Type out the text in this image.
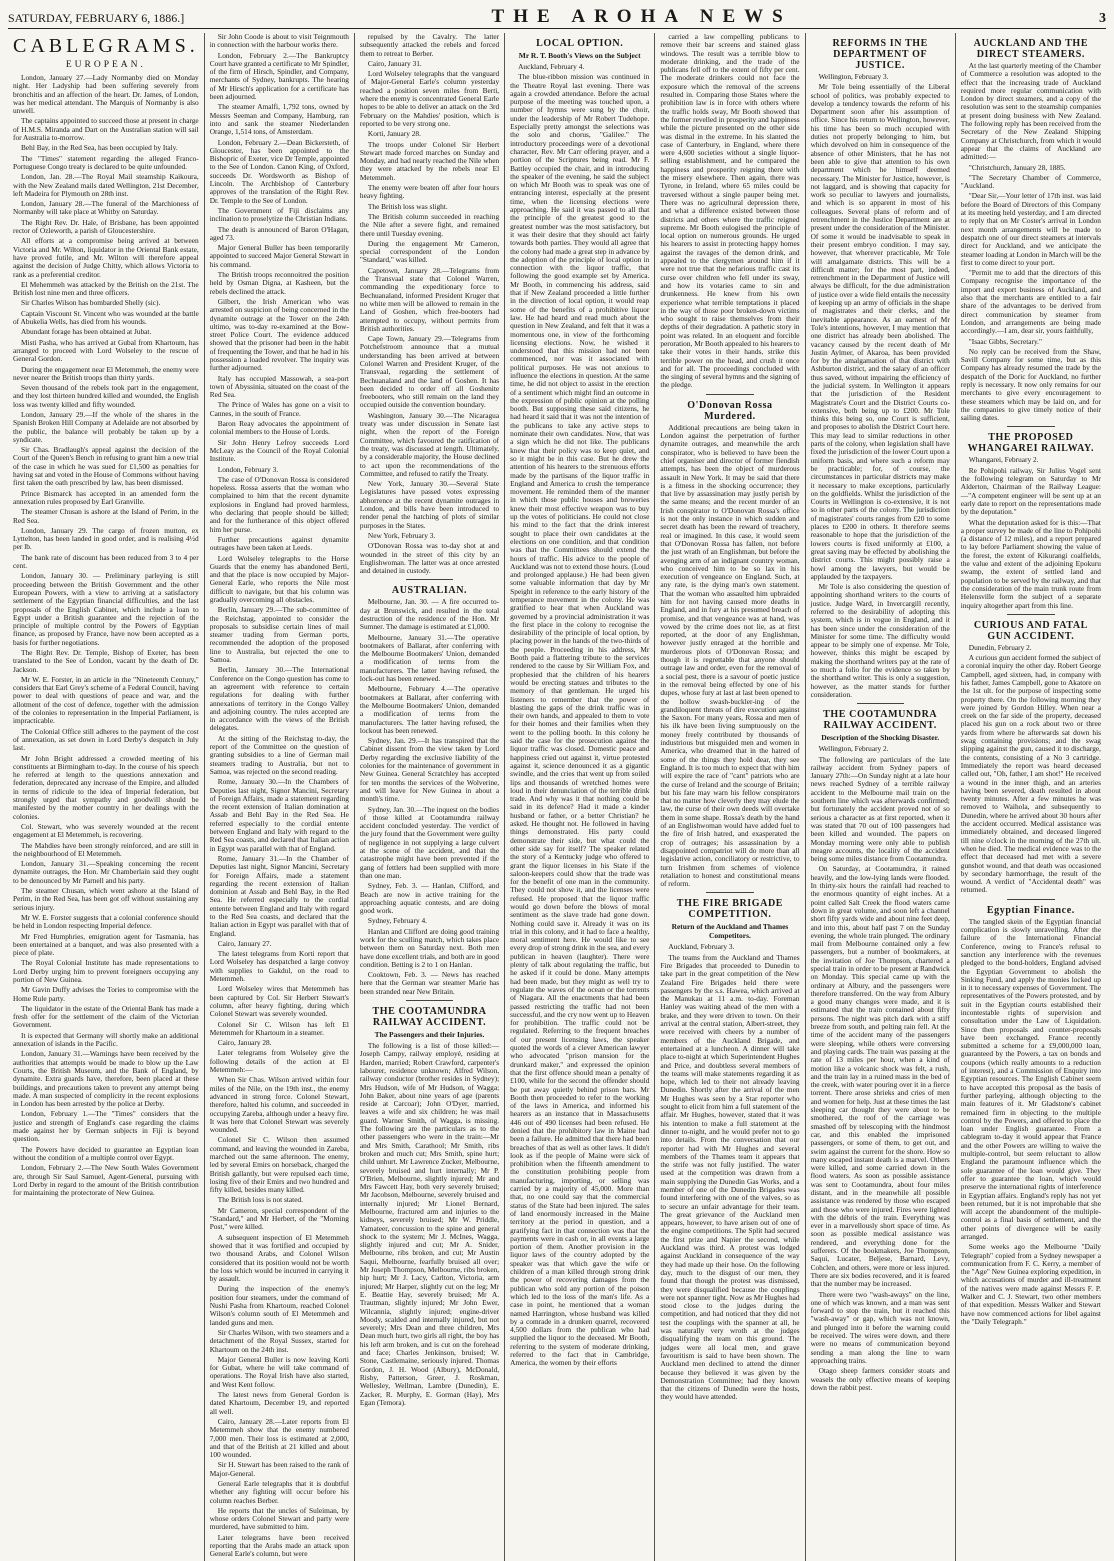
SATURDAY, FEBRUARY 6, 1886.]	THE AROHA NEWS	3
CABLEGRAMS.
EUROPEAN.

London, January 27.—Lady Normanby died on Monday night. Her Ladyship had been suffering severely from bronchitis and an affection of the heart. Dr. James, of London, was her medical attendant. The Marquis of Normanby is also unwell.

The captains appointed to succeed those at present in charge of H.M.S. Miranda and Dart on the Australian station will sail for Australia to-morrow.

Behl Bay, in the Red Sea, has been occupied by Italy.

The "Times" statement regarding the alleged Franco-Portuguese Congo treaty is declared to be quite unfounded.

London, Jan. 28.—The Royal Mail steamship Kaikoura, with the New Zealand mails dated Wellington, 21st December, left Madeira for Plymouth on 28th inst.

London, January 28.—The funeral of the Marchioness of Normanby will take place at Whitby on Saturday.

The Right Rev. Dr. Hale, of Brisbane, has been appointed rector of Ozleworth, a parish of Gloucestershire.

All efforts at a compromise being arrived at between Victoria and Mr. Wilton, liquidator in the Oriental Bank estate, have proved futile, and Mr. Wilton will therefore appeal against the decision of Judge Chitty, which allows Victoria to rank as a preferential creditor.

El Mehemmeh was attacked by the British on the 21st. The British lost nine men and three officers.

Sir Charles Wilson has bombarded Shelly (sic).

Captain Viscount St. Vincent who was wounded at the battle of Abukelia Wells, has died from his wounds.

Abundant forage has been obtained at Jubat.

Misti Pasha, who has arrived at Gubal from Khartoum, has arranged to proceed with Lord Wolseley to the rescue of General Gordon.

During the engagement near El Metemmeh, the enemy were never nearer the British troops than thirty yards.

Seven thousand of the rebels took part in the engagement, and they lost thirteen hundred killed and wounded, the English loss was twenty killed and fifty wounded.

London, January 29.—If the whole of the shares in the Spanish Broken Hill Company at Adelaide are not absorbed by the public, the balance will probably be taken up by a syndicate.

Sir Chas. Bradlaugh's appeal against the decision of the Court of the Queen's Bench in refusing to grant him a new trial of the case in which he was sued for £1,500 as penalties for having sat and voted in the House of Commons without having first taken the oath prescribed by law, has been dismissed.

Prince Bismarck has accepted in an amended form the annexation rules proposed by Earl Granville.

The steamer Chusan is ashore at the Island of Perim, in the Red Sea.

London, January 29. The cargo of frozen mutton, ex Lyttelton, has been landed in good order, and is realising 4½d per lb.

The bank rate of discount has been reduced from 3 to 4 per cent.

London, January 30. — Preliminary parleying is still proceeding between the British Government and the other European Powers, with a view to arriving at a satisfactory settlement of the Egyptian financial difficulties, and the last proposals of the English Cabinet, which include a loan to Egypt under a British guarantee and the rejection of the principle of multiple control by the Powers of Egyptian finance, as proposed by France, have now been accepted as a basis for further negotiations.

The Right Rev. Dr. Temple, Bishop of Exeter, has been translated to the See of London, vacant by the death of Dr. Jackson.

Mr W. E. Forster, in an article in the "Nineteenth Century," considers that Earl Grey's scheme of a Federal Council, having power to deal with questions of peace and war, and the allotment of the cost of defence, together with the admission of the colonies to representation in the Imperial Parliament, is impracticable.

The Colonial Office still adheres to the payment of the cost of annexation, as set down in Lord Derby's despatch in July last.

Mr John Bright addressed a crowded meeting of his constituents at Birmingham to-day. In the course of his speech he referred at length to the questions annexation and federation, deprecated any increase of the Empire, and alluded in terms of ridicule to the idea of Imperial federation, but strongly urged that sympathy and goodwill should be manifested by the mother country in her dealings with the colonies.

Col. Stewart, who was severely wounded at the recent engagement at El Metemmeh, is recovering.

The Mahdies have been strongly reinforced, and are still in the neighbourhood of El Metemmeh.

London, January 31.—Speaking concerning the recent dynamite outrages, the Hon. Mr Chamberlain said they ought to be denounced by Mr Parnell and his party.

The steamer Chusan, which went ashore at the Island of Perim, in the Red Sea, has been got off without sustaining any serious injury.

Mr W. E. Forster suggests that a colonial conference should be held in London respecting Imperial defence.

Mr Fred Humphries, emigration agent for Tasmania, has been entertained at a banquet, and was also presented with a piece of plate.

The Royal Colonial Institute has made representations to Lord Derby urging him to prevent foreigners occupying any portion of New Guinea.

Mr Gavin Duffy advises the Tories to compromise with the Home Rule party.

The liquidator in the estate of the Oriental Bank has made a fresh offer for the settlement of the claim of the Victorian Government.

It is expected that Germany will shortly make an additional annexation of islands in the Pacific.

London, January 31.—Warnings have been received by the authorities that attempts would be made to blow up the Law Courts, the British Museum, and the Bank of England, by dynamite. Extra guards have, therefore, been placed at these buildings, and precautions taken to prevent any attempt being made. A man suspected of complicity in the recent explosions in London has been arrested by the police at Derby.

London, February 1.—The "Times" considers that the justice and strength of England's case regarding the claims made against her by German subjects in Fiji is beyond question.

The Powers have decided to guarantee an Egyptian loan without the condition of a multiple control over Egypt.

London, February 2.—The New South Wales Government are, through Sir Saul Samuel, Agent-General, pursuing with Lord Derby in regard to the amount of the British contribution for maintaining the protectorate of New Guinea.

Sir John Coode is about to visit Teignmouth in connection with the harbour works there.

London, February 2.—The Bankruptcy Court have granted a certificate to Mr Spindler, of the firm of Hirsch, Spindler, and Company, merchants of Sydney, bankrupts. The hearing of Mr Hirsch's application for a certificate has been adjourned.

The steamer Amalfi, 1,792 tons, owned by Messrs Seeman and Company, Hamburg, ran into and sank the steamer Niederlanden Orange, 1,514 tons, of Amsterdam.

London, February 2.—Dean Bickersteth, of Gloucester, has been appointed to the Bishopric of Exeter, vice Dr Temple, appointed to the See of London. Canon King, of Oxford, succeeds Dr. Wordsworth as Bishop of Lincoln. The Archbishop of Canterbury approves of the translation of the Right Rev. Dr. Temple to the See of London.

The Government of Fiji disclaims any inclination to proselytize the Christian Indians.

The death is announced of Baron O'Hagan, aged 73.

Major General Buller has been temporarily appointed to succeed Major General Stewart in his command.

The British troops reconnoitred the position held by Osman Digna, at Kasheen, but the rebels declined the attack.

Gilbert, the Irish American who was arrested on suspicion of being concerned in the dynamite outrage at the Tower on the 24th ultimo, was to-day re-examined at the Bow-street Police Court. The evidence adduced showed that the prisoner had been in the habit of frequenting the Tower, and that he had in his possession a loaded revolver. The inquiry was further adjourned.

Italy has occupied Massowah, a sea-port town of Abyssinia, situated on the coast of the Red Sea.

The Prince of Wales has gone on a visit to Cannes, in the south of France.

Baron Reay advocates the appointment of colonial members to the House of Lords.

Sir John Henry Lefroy succeeds Lord McLeay as the Council of the Royal Colonial Institute.

London, February 3.

The case of O'Donovan Rossa is considered hopeless. Rossa asserts that the woman who complained to him that the recent dynamite explosions in England had proved harmless, who declaring that people should be killed; and for the furtherance of this object offered him her purse.

Further precautions against dynamite outrages have been taken at Leeds.

Lord Wolseley telegraphs to the Horse Guards that the enemy has abandoned Berti, and that the place is now occupied by Major-General Earle, who reports the Nile most difficult to navigate, but that his column was gradually overcoming all obstacles.

Berlin, January 29.—The sub-committee of the Reichstag, appointed to consider the proposals to subsidise certain lines of mail steamer trading from German ports, recommended the adoption of the proposed line to Australia, but rejected the one to Samoa.

Berlin, January 30.—The International Conference on the Congo question has come to an agreement with reference to certain regulations for dealing with further annexations of territory in the Congo Valley and adjoining country. The rules accepted are in accordance with the views of the British delegates.

At the sitting of the Reichstag to-day, the report of the Committee on the question of granting subsidies to a line of German mail steamers trading to Australia, but not to Samoa, was rejected on the second reading.

Rome, January 30.—In the Chambers of Deputies last night, Signor Mancini, Secretary of Foreign Affairs, made a statement regarding the recent extension of Italian domination at Assab and Behl Bay in the Red Sea. He referred especially to the cordial entente between England and Italy with regard to the Red Sea coasts, and declared that Italian action in Egypt was parallel with that of England.

Rome, January 31.—In the Chamber of Deputies last night, Signor Mancini, Secretary for Foreign Affairs, made a statement regarding the recent extension of Italian dominion at Assab and Behl Bay, in the Red Sea. He referred especially to the cordial entente between England and Italy with regard to the Red Sea coasts, and declared that the Italian action in Egypt was parallel with that of England.

Cairo, January 27.

The latest telegrams from Korti report that Lord Wolseley has despatched a large convoy with supplies to Gakdul, on the road to Metemmeh.

Lord Wolseley wires that Metemmeh has been captured by Col. Sir Herbert Stewart's column, after heavy fighting, during which Colonel Stewart was severely wounded.

Colonel Sir C. Wilson has left El Metemmeh for Khartoum in a steamer.

Cairo, January 28.

Later telegrams from Wolseley give the following details of the action at El Metemmeh:—

When Sir Chas. Wilson arrived within four miles of the Nile, on the 19th inst., the enemy advanced in strong force. Colonel Stewart, therefore, halted his column, and succeeded in occupying Zareba, although under a heavy fire. It was here that Colonel Stewart was severely wounded.

Colonel Sir C. Wilson then assumed command, and leaving the wounded in Zareba, marched out the same afternoon. The enemy, led by several Emirs on horseback, charged the British gallantly, but were repulsed each time, losing five of their Emirs and two hundred and fifty killed, besides many killed.

The British loss is not stated.

Mr Cameron, special correspondent of the "Standard," and Mr Herbert, of the "Morning Post," were killed.

A subsequent inspection of El Metemmeh showed that it was fortified and occupied by two thousand Arabs, and Colonel Wilson considered that its position would not be worth the loss which would be incurred in carrying it by assault.

During the inspection of the enemy's position four steamers, under the command of Nushi Pasha from Khartoum, reached Colonel Wilson's column south of El Metemmeh and landed guns and men.

Sir Charles Wilson, with two steamers and a detachment of the Royal Sussex, started for Khartoum on the 24th inst.

Major General Buller is now leaving Korti for Gubat, where he will take command of operations. The Royal Irish have also started, and West Kent follow.

The latest news from General Gordon is dated Khartoum, December 19, and reported all well.

Cairo, January 28.—Later reports from El Metemmeh show that the enemy numbered 7,000 men. Their loss is estimated at 2,000, and that of the British at 21 killed and about 100 wounded.

Sir H. Stewart has been raised to the rank of Major-General.

General Earle telegraphs that it is doubtful whether any fighting will occur before his column reaches Berber.

He reports that the uncles of Suleiman, by whose orders Colonel Stewart and party were murdered, have submitted to him.

Later telegrams have been received reporting that the Arabs made an attack upon General Earle's column, but were

repulsed by the Cavalry. The latter subsequently attacked the rebels and forced them to retreat to Berber.

Cairo, January 31.

Lord Wolseley telegraphs that the vanguard of Major-General Earle's column yesterday reached a position seven miles from Berti, where the enemy is concentrated General Earle hopes to be able to deliver an attack on the 3rd February on the Mahdies' position, which is reported to be very strong one.

Korti, January 28.

The troops under Colonel Sir Herbert Stewart made forced marches on Sunday and Monday, and had nearly reached the Nile when they were attacked by the rebels near El Metemmeh.

The enemy were beaten off after four hours heavy fighting.

The British loss was slight.

The British column succeeded in reaching the Nile after a severe fight, and remained there until Tuesday evening.

During the engagement Mr Cameron, special correspondent of the London "Standard," was killed.

Capetown, January 28.—Telegrams from the Transvaal state that Colonel Warren, commanding the expeditionary force to Bechuanaland, informed President Kruger that no white men will be allowed to remain in the Land of Goshen, which free-booters had attempted to occupy, without permits from British authorities.

Cape Town, January 29.—Telegrams from Potchefstroom announce that a mutual understanding has been arrived at between Colonel Warren and President Kruger, of the Transvaal, regarding the settlement of Bechuanaland and the land of Goshen. It has been decided to order off all Goshenite freebooters, who still remain on the land they occupied outside the convention boundary.

Washington, January 30.—The Nicaragua treaty was under discussion in Senate last night, when the report of the Foreign Committee, which favoured the ratification of the treaty, was discussed at length. Ultimately, by a considerable majority, the House declined to act upon the recommendations of the Committee, and refused to ratify the Treaty.

New York, January 30.—Several State Legislatures have passed votes expressing abhorrence at the recent dynamite outrages in London, and bills have been introduced to render penal the hatching of plots of similar purposes in the States.

New York, February 3.

O'Donovan Rossa was to-day shot at and wounded in the street of this city by an Englishwoman. The latter was at once arrested and detained in custody.

AUSTRALIAN.

Melbourne, Jan. 30. — A fire occurred to-day at Brunswick, and resulted in the total destruction of the residence of the Hon. Mr Sumner. The damage is estimated at £1,000.

Melbourne, January 31.—The operative bootmakers of Ballarat, after conferring with the Melbourne Bootmakers' Union, demanded a modification of terms from the manufacturers. The latter having refused, the lock-out has been renewed.

Melbourne, February 4.—The operative bootmakers at Ballarat, after conferring with the Melbourne Bootmakers' Union, demanded a modification of terms from the manufacturers. The latter having refused, the lockout has been renewed.

Sydney, Jan. 29.—It has transpired that the Cabinet dissent from the view taken by Lord Derby regarding the exclusive liability of the colonies for the maintenance of government in New Guinea. General Scratchley has accepted for ten months the services of the Wolverine, and will leave for New Guinea in about a month's time.

Sydney, Jan. 30.—The inquest on the bodies of those killed at Cootamundra railway accident concluded yesterday. The verdict of the jury found that the Government were guilty of negligence in not supplying a large culvert at the scene of the accident, and that the catastrophe might have been prevented if the gang of fettlers had been supplied with more than one man.

Sydney, Feb. 3. — Hanlan, Clifford, and Beach are now in active training for the approaching aquatic contests, and are doing good work.

Sydney, February 4.

Hanlan and Clifford are doing good training work for the sculling match, which takes place between them on Saturday next. Both men have done excellent trials, and both are in good condition. Betting is 2 to 1 on Hanlan.

Cooktown, Feb. 3. — News has reached here that the German war steamer Marie has been stranded near New Britain.

THE COOTAMUNDRA RAILWAY ACCIDENT.
The Passengers and their Injuries.

The following is a list of those killed:—Joseph Campy, railway employé, residing at Harden, married; Robert Crawford, carpenter's labourer, residence unknown; Alfred Wilson, railway conductor (brother resides in Sydney); Mrs Hudson, wife of Mr Hudson, of Wagga; John Baker, about nine years of age (parents reside at Carcoar); John O'Dyer, married, leaves a wife and six children; he was mail guard. Warner Smith, of Wagga, is missing. The following are the particulars as to the other passengers who were in the train:—Mr and Mrs Smith, Carathool; Mr Smith, ribs broken and much cut; Mrs Smith, spine hurt; child unhurt. Mr Lawrence Zucker, Melbourne, severely bruised and hurt internally; Mr P. O'Brien, Melbourne, slightly injured; Mr and Mrs Fawcett Hay, both very severely bruised; Mr Jacobson, Melbourne, severely bruised and internally injured; Mr Lionel Bernard, Melbourne, fractured arm and injuries to the kidneys, severely bruised; Mr W. Priddle, Yamateer, concussion to the spine and general shock to the system; Mr J. McInes, Wagga, slightly injured and cut; Mr A. Snider, Melbourne, ribs broken, and cut; Mr Austin Saqui, Melbourne, fearfully bruised all over; Mr Joseph Thompson, Melbourne, ribs broken, hip hurt; Mr J. Lacy, Carlton, Victoria, arm injured; Mr Harper, slightly cut on the leg; Mr E. Beattie Hay, severely bruised; Mr A. Trautman, slightly injured; Mr John Ewer, Wilcannia, slightly injured; engine-driver Moody, scalded and internally injured, but not severely; Mrs Dean and three children, Mrs Dean much hurt, two girls all right, the boy has his left arm broken, and is cut on the forehead and face; Charles Jenkinson, bruised; W. Stone, Castlemaine, seriously injured. Thomas Gordon, J. H. Wood (Albury), McDonald, Risby, Patterson, Greer, J. Roskman, Wellesley, Wellman, Lambre (Dunedin), E. Zacker, R. Murphy, E. Gorman (Hay), Mrs Egan (Temora).

LOCAL OPTION.
Mr R. T. Booth's Views on the Subject

Auckland, February 4.

The blue-ribbon mission was continued in the Theatre Royal last evening. There was again a crowded attendance. Before the actual purpose of the meeting was touched upon, a number of hymns were sung by the choir, under the leadership of Mr Robert Tudehope. Especially pretty amongst the selections was the solo and chorus, "Galilee." The introductory proceedings were of a devotional character, Rev. Mr Carr offering prayer, and a portion of the Scriptures being read. Mr F. Battley occupied the chair, and in introducing the speaker of the evening, he said the subject on which Mr Booth was to speak was one of entrancing interest, especially at the present time, when the licensing elections were approaching. He said it was passed to all that the principle of the greatest good to the greatest number was the most satisfactory, but it was their desire that they should act fairly towards both parties. They would all agree that the colony had made a great step in advance by the adoption of the principle of local option in connection with the liquor traffic, that following the good example set by America. Mr Booth, in commencing his address, said that if New Zealand proceeded a little further in the direction of local option, it would reap some of the benefits of a prohibitive liquor law. He had heard and read much about the question in New Zealand, and felt that it was a momentous one, in view of the forthcoming licensing elections. Now, he wished it understood that this mission had not been commenced, nor was it associated with political purposes. He was not anxious to influence the elections in question. At the same time, he did not object to assist in the erection of a sentiment which might find an outcome in the expression of public opinion at the polling booth. But supposing these said citizens, he had heard it said that it was not the intention of the publicans to take any active steps to nominate their own candidates. Now, that was a sign which he did not like. The publicans knew that their policy was to keep quiet, and so it might be in this case. But he drew the attention of his hearers to the strenuous efforts made by the partisans of the liquor traffic in England and America to crush the temperance movement. He reminded them of the manner in which those public houses and breweries knew their most effective weapon was to buy up the votes of politicians. He could not close his mind to the fact that the drink interest sought to place their own candidates at the elections on one condition, and that condition was that the Committees should extend the hours of traffic. His advice to the people of Auckland was not to extend those hours. (Loud and prolonged applause.) He had been given some valuable information that day by Mr Speight in reference to the early history of the temperance movement in the colony. He was gratified to hear that when Auckland was governed by a provincial administration it was the first place in the colony to recognise the desirability of the principle of local option, by placing power in the hands of the two-thirds of the people. Proceeding in his address, Mr Booth paid a flattering tribute to the services rendered to the cause by Sir William Fox, and prophesied that the children of his hearers would be erecting statues and tributes to the memory of that gentleman. He urged his listeners to remember that the power of blasting the gaps of the drink traffic was in their own hands, and appealed to them to vote for their homes and their families when they went to the polling booth. In this colony he said the case for the prosecution against the liquor traffic was closed. Domestic peace and happiness cried out against it, virtue protested against it, science denounced it as a gigantic swindle, and the cries that went up from soiled lips and thousands of wretched homes were loud in their denunciation of the terrible drink trade. And why was it that nothing could be said in its defence? Had it made a kinder husband or father, or a better Christian? he asked. He thought not. He followed in having things demonstrated. His party could demonstrate their side, but what could the other side say for itself? The speaker related the story of a Kentucky judge who offered to grant the liquor licenses in his State if the saloon-keepers could show that the trade was for the benefit of one man in the community. They could not show it, and the licenses were refused. He proposed that the liquor traffic would go down before the blows of moral sentiment as the slave trade had gone down. Nothing could save it. Already it was on its trial in this colony, and it had to face a healthy, moral sentiment here. He would like to see every drop of strong drink in the sea, and every publican in heaven (laughter). There were plenty of talk about regulating the traffic, but he asked if it could be done. Many attempts had been made, but they might as well try to regulate the waves of the ocean or the torrents of Niagara. All the enactments that had been passed restricting the traffic had not been successful, and the cry now went up to Heaven for prohibition. The traffic could not be regulated. Referring to the frequent breaches of our present licensing laws, the speaker quoted the words of a clever American lawyer who advocated "prison mansion for the drunkard maker," and expressed the opinion that the first offence should mean a penalty of £100, while for the second the offender should be put away quietly behind prison bars. Mr Booth then proceeded to refer to the working of the laws in America, and informed his hearers as an instance that in Massachusetts 446 out of 490 licenses had been refused. He denied that the prohibitory law in Maine had been a failure. He admitted that there had been breaches of that as well as other laws. It didn't look as if the people of Maine were sick of prohibition when the fifteenth amendment to the constitution prohibiting people from manufacturing, importing, or selling was carried by a majority of 45,000. More than that, no one could say that the commercial status of the State had been injured. The sales of land enormously increased in the Maine territory at the period in question, and a gratifying fact in that connection was that the payments were in cash or, in all events a large portion of them. Another provision in the liquor laws of the country adopted by the speaker was that which gave the wife or children of a man killed through strong drink the power of recovering damages from the publican who sold any portion of the poison which led to the loss of the man's life. As a case in point, he mentioned that a woman named Harrington, whose husband was killed by a comrade in a drunken quarrel, recovered 4,500 dollars from the publican who had supplied the liquor to the deceased. Mr Booth, referring to the system of moderate drinking, referred to the fact that in Cambridge, America, the women by their efforts

carried a law compelling publicans to remove their bar screens and stained glass windows. The result was a terrible blow to moderate drinking, and the trade of the publicans fell off to the extent of fifty per cent. The moderate drinkers could not face the exposure which the removal of the screens resulted in. Comparing those States where the prohibition law is in force with others where the traffic holds sway, Mr Booth showed that the former revelled in prosperity and happiness while the picture presented on the other side was dismal in the extreme. In his slanted the case of Canterbury, in England, where there were 4,600 societies without a single liquor-selling establishment, and he compared the happiness and prosperity reigning there with the misery elsewhere. Then again, there was Tyrone, in Ireland, where 65 miles could be traversed without a single pauper being met. There was no agricultural depression there, and what a difference existed between those districts and others where the traffic reigned supreme. Mr Booth eulogised the principle of local option on numerous grounds. He urged his hearers to assist in protecting happy homes against the ravages of the demon drink, and appealed to the clergymen around him if it were not true that the nefarious traffic cast its curse over children who fell under its sway, and how its votaries came to sin and drunkenness. He knew from his own experience what terrible temptations it placed in the way of those poor broken-down victims who sought to raise themselves from their depths of their degradation. A pathetic story in point was related. In an eloquent and forcible peroration, Mr Booth appealed to his hearers to take their votes in their hands, strike this terrible power on the head, and crush it once and for all. The proceedings concluded with the singing of several hymns and the signing of the pledge.

O'Donovan Rossa Murdered.

Additional precautions are being taken in London against the perpetration of further dynamite outrages, and meanwhile the arch conspirator, who is believed to have been the chief organiser and director of former fiendish attempts, has been the object of murderous assault in New York. It may be said that there is a fitness in the shocking occurrence; they that live by assassination may justly perish by the same means; and the recent murder of an Irish conspirator to O'Donovan Rossa's office is not the only instance in which sudden and secret death has been the reward of treachery, real or imagined. In this case, it would seem that O'Donovan Rossa has fallen, not before the just wrath of an Englishman, but before the avenging arm of an indignant country woman, who conceived him to be so lax in his execution of vengeance on England. Such, at any rate, is the dying man's own statement. That the woman who assaulted him upbraided him for not having caused more deaths in England, and in fury at his presumed breach of promise, and that vengeance was at hand, was vowed by the crime does not lie, as at first reported, at the door of any Englishman, however justly enraged at the horrible and murderous plots of O'Donovan Rossa; and though it is regrettable that anyone should outrage law and order, even for the removal of a social pest, there is a savour of poetic justice in the removal being effected by one of his dupes, whose fury at last at last been opened to the hollow swash-buckler-ing of the grandiloquent threats of dire execution against the Saxon. For many years, Rossa and men of his ilk have been living sumptuously on the money freely contributed by thousands of industrious but misguided men and women in America, who dreamed that in the hatred of some of the things they hold dear, they see England. It is too much to expect that with him will expire the race of "cant" patriots who are the curse of Ireland and the scourge of Britain; but his fate may warn his fellow conspirators that no matter how cleverly they may elude the law, the curse of their own deeds will overtake them in some shape. Rossa's death by the hand of an Englishwoman would have added fuel to the fire of Irish hatred, and exasperated the crop of outrages; his assassination by a disappointed compatriot will do more than all legislative action, conciliatory or restrictive, to turn Irishmen from schemes of violence retaliation to honest and constitutional means of reform.

THE FIRE BRIGADE COMPETITION.
Return of the Auckland and Thames Competitors.

Auckland, February 3.

The teams from the Auckland and Thames Fire Brigades that proceeded to Dunedin to take part in the great competition of the New Zealand Fire Brigades held there were passengers by the s.s. Hawea, which arrived at the Manukau at 11 a.m. to-day. Foreman Hanley was waiting ahead of the men with a brake, and they were driven to town. On their arrival at the central station, Albert-street, they were received with cheers by a number of members of the Auckland Brigade, and entertained at a luncheon. A dinner will take place to-night at which Superintendent Hughes and Price, and doubtless several members of the teams will make statements regarding it as hope, which led to their not already leaving Dunedin. Shortly after the arrival of the men Mr Hughes was seen by a Star reporter who sought to elicit from him a full statement of the affair. Mr Hughes, however, stated that it was his intention to make a full statement at the dinner to-night, and he would prefer not to go into details. From the conversation that our reporter had with Mr Hughes and several members of the Thames team it appears that the strife was not fully justified. The water used at the competition was drawn from a main supplying the Dunedin Gas Works, and a member of one of the Dunedin Brigades was found interfering with one of the valves, so as to secure an unfair advantage for their team. The great grievance of the Auckland men appears, however, to have arisen out of one of the engine competitions. The Split had secured the first prize and Napier the second, while Auckland was third. A protest was lodged against Auckland in consequence of the way they had made up their hose. On the following day, much to the disgust of our men, they found that though the protest was dismissed, they were disqualified because the couplings were not spanner tight. Now as Mr Hughes had stood close to the judges during the competition, and had noticed that they did not test the couplings with the spanner at all, he was naturally very wroth at the judges disqualifying the team on this ground. The judges were all local men, and grave favouritism is said to have been shown. The Auckland men declined to attend the dinner because they believed it was given by the Demonstration Committee; had they known that the citizens of Dunedin were the hosts, they would have attended.

REFORMS IN THE DEPARTMENT OF JUSTICE.

Wellington, February 3.

Mr Tole being essentially of the Liberal school of politics, was probably expected to develop a tendency towards the reform of his Department soon after his assumption of office. Since his return to Wellington, however, his time has been so much occupied with duties not properly belonging to him, but which devolved on him in consequence of the absence of other Ministers, that he has not been able to give that attention to his own department which he himself deemed necessary. The Minister for Justice, however, is not laggard, and is showing that capacity for work so peculiar to lawyers and journalists, and which is so apparent in most of his colleagues. Several plans of reform and of retrenchment in the Justice Department are at present under the consideration of the Minister. Of some it would be inadvisable to speak in their present embryo condition. I may say, however, that wherever practicable, Mr Tole will amalgamate districts. This will be a difficult matter; for the most part, indeed, retrenchment in the Department of Justice will always be difficult, for the due administration of justice over a wide field entails the necessity of keeping up an army of officials in the shape of magistrates and their clerks, and the inevitable appearance. As an earnest of Mr Tole's intentions, however, I may mention that one district has already been abolished. The vacancy caused by the recent death of Mr Justin Aylmer, of Akaroa, has been provided for by the amalgamation of that district with Ashburton district, and the salary of an officer thus saved, without impairing the efficiency of the judicial system. In Wellington it appears that the jurisdiction of the Resident Magistrate's Court and the District Courts co-extensive, both being up to £200. Mr Tole thinks this being so, one Court is sufficient, and proposes to abolish the District Court here. This may lead to similar reductions in other parts of the colony, when legislation shall have fixed the jurisdiction of the lower Court upon a uniform basis, and where such a reform may be practicable; for, of course, the circumstances in particular districts may make it necessary to make exceptions, particularly on the goldfields. Whilst the jurisdiction of the Courts in Wellington is co-extensive, it is not so in other parts of the colony. The jurisdiction of magistrates' courts ranges from £20 to some places to £200 in others. It therefore seems reasonable to hope that the jurisdiction of the lowers courts is fixed uniformly at £100, a great saving may be effected by abolishing the district courts. This might possibly raise a howl among the lawyers, but would be applauded by the taxpayers.

Mr Tole is also considering the question of appointing shorthand writers to the courts of justice. Judge Ward, in Invercargill recently, referred to the desirability of adopting this system, which is in vogue in England, and it has been since under the consideration of the Minister for some time. The difficulty would appear to be simply one of expense. Mr Tole, however, thinks this might be escaped by making the shorthand writers pay at the rate of so much a folio for the evidence so taken by the shorthand writer. This is only a suggestion, however, as the matter stands for further consideration.

THE COOTAMUNDRA RAILWAY ACCIDENT.
Description of the Shocking Disaster.

Wellington, February 2.

The following are particulars of the late railway accident from Sydney papers of January 27th:—On Sunday night at a late hour news reached Sydney of a terrible railway accident to the Melbourne mail train on the southern line which was afterwards confirmed; but fortunately the accident proved not of so serious a character as at first reported, when it was stated that 70 out of 100 passengers had been killed and wounded. The papers on Monday morning were only able to publish meagre accounts, the locality of the accident being some miles distance from Cootamundra.

On Saturday, at Cootamundra, it rained heavily, and the low-lying lands were flooded. In thirty-six hours the rainfall had reached to the enormous quantity of eight inches. At a point called Salt Creek the flood waters came down in great volume, and soon left a channel short fifty yards wide and about nine feet deep, and into this, about half past 7 on the Sunday evening, the whole train plunged. The ordinary mail from Melbourne contained only a few passengers, but a number of bookmakers, at the invitation of Joe Thompson, chartered a special train in order to be present at Randwick on Monday. This special came up with the ordinary at Albury, and the passengers were therefore transferred. On the way from Albury a good many changes were made, and it is estimated that the train contained about fifty persons. The night was pitch dark with a stiff breeze from south, and pelting rain fell. At the time of the accident many of the passengers were sleeping, while others were conversing and playing cards. The train was passing at the rate of 13 miles per hour, when a kind of motion like a volcanic shock was felt, a rush, and the train lay in a ruined mass in the bed of the creek, with water pouring over it in a fierce torrent. There arose shrieks and cries of men and women for help. Just at these times the last sleeping car thought they were about to be smothered, the roof of the carriage was smashed off by telescoping with the hindmost car, and this enabled the imprisoned passengers, or some of them, to get out, and swim against the current for the shore. How so many escaped instant death is a marvel. Others were killed, and some carried down in the flood waters. As soon as possible assistance was sent to Cootamundra, about four miles distant, and in the meanwhile all possible assistance was rendered by those who escaped and those who were injured. Fires were lighted with the débris of the train. Everything was ever in a marvellously short space of time. As soon as possible medical assistance was rendered, and everything done for the sufferers. Of the bookmakers, Joe Thompson, Saqui, Lucater, Beljese, Barnard, Levy, Cohclen, and others, were more or less injured. There are six bodies recovered, and it is feared that the number may be increased.

There were two "wash-aways" on the line, one of which was known, and a man was sent forward to stop the train, but it reached this "wash-away" or gap, which was not known, and plunged into it before the warning could be received. The wires were down, and there were no means of communication beyond sending a man along the line to warn approaching trains.

Otago sheep farmers consider stoats and weasels the only effective means of keeping down the rabbit pest.

AUCKLAND AND THE DIRECT STEAMERS.

At the last quarterly meeting of the Chamber of Commerce a resolution was adopted to the effect that the increasing trade of Auckland required more regular communication with London by direct steamers, and a copy of the resolution was sent to the steamship companies at present doing business with New Zealand. The following reply has been received from the Secretary of the New Zealand Shipping Company at Christchurch, from which it would appear that the claims of Auckland are admitted:—

"Christchurch, January 28, 1885.

"The Secretary Chamber of Commerce, "Auckland.

"Dear Sir,—Your letter of 17th inst. was laid before the Board of Directors of this Company at its meeting held yesterday, and I am directed to reply that on Mr Coster's arrival in London next month arrangements will be made to despatch one of our direct steamers at intervals direct for Auckland, and we anticipate the steamer loading at London in March will be the first to come direct to your port.

"Permit me to add that the directors of this Company recognise the importance of the import and export business of Auckland, and also that the merchants are entitled to a fair share of the advantages to be derived from direct communication by steamer from London, and arrangements are being made accordingly.—I am, dear sir, yours faithfully,

"Isaac Gibbs, Secretary."

No reply can be received from the Shaw, Savill Company for some time, but as this Company has already resumed the trade by the despatch of the Doric for Auckland, no further reply is necessary. It now only remains for our merchants to give every encouragement to these steamers which may be laid on, and for the companies to give timely notice of their sailing dates.

THE PROPOSED WHANGAREI RAILWAY.

Whangarei, February 2.

Re Pohipohi railway, Sir Julius Vogel sent the following telegram on Saturday to Mr Alderton, Chairman of the Railway League:—"A competent engineer will be sent up at an early date to report on the representations made by the deputation."

What the deputation asked for is this:—That a proper survey be made of the line to Pohipohi (a distance of 12 miles), and a report prepared to lay before Parliament showing the value of the forest, the extent of Kikurangi coalfields, the value and extent of the adjoining Epokuru swamp, the extent of settled land and population to be served by the railway, and that the consideration of the main trunk route from Helensville form the subject of a separate inquiry altogether apart from this line.

CURIOUS AND FATAL GUN ACCIDENT.

Dunedin, February 2.

A curious gun accident formed the subject of a coronial inquiry the other day. Robert George Campbell, aged sixteen, had, in company with his father, James Campbell, gone to Akatore on the 1st ult. for the purpose of inspecting some property there. On the following morning they were joined by Gordon Hilley. When near a creek on the far side of the property, deceased placed his gun on a rock about two or three yards from where he afterwards sat down his swag containing provisions; and the swag slipping against the gun, caused it to discharge, the contents, consisting of a No 3 cartridge. Immediately the report was heard deceased called out, "Oh, father, I am shot!" He received a wound in the inner thigh, and an arteries having been severed, death resulted in about twenty minutes. After a few minutes he was removed to Waihola, and subsequently to Dunedin, where he arrived about 30 hours after the accident occurred. Medical assistance was immediately obtained, and deceased lingered till nine o'clock in the morning of the 27th ult. when he died. The medical evidence was to the effect that deceased had met with a severe gunshot wound, and that death was occasioned by secondary hæmorrhage, the result of the wound. A verdict of "Accidental death" was returned.

Egyptian Finance.

The tangled skein of the Egyptian financial complication is slowly unravelling. After the failure of the International Financial Conference, owing to France's refusal to sanction any interference with the revenues pledged to the bond-holders, England advised the Egyptian Government to abolish the Sinking Fund, and apply the monies locked up in it to necessary expenses of Government. The representatives of the Powers protested, and by suit in the Egyptian courts established their incontestable rights of supervision and consultation under the Law of Liquidation. Since then proposals and counter-proposals have been exchanged. France recently submitted a scheme for a £9,000,000 loan, guaranteed by the Powers, a tax on bonds and coupons (which really amounts to a reduction of interest), and a Commission of Enquiry into Egyptian resources. The English Cabinet seem to have accepted this proposal as the basis of further parleying, although objecting to the main features of it. Mr Gladstone's cabinet remained firm in objecting to the multiple control by the Powers, and offered to place the loan under English guarantee. From a cablegram to-day it would appear that France and the other Powers are willing to waive the multiple-control, but seem reluctant to allow England the paramount influence which the sole guarantee of the loan would give. They offer to guarantee the loan, which would preserve the international rights of interference in Egyptian affairs. England's reply has not yet been returned, but it is not improbable that she will accept the abandonment of the multiple-control as a final basis of settlement, and the other points of divergence will be easily arranged.

Some weeks ago the Melbourne "Daily Telegraph" copied from a Sydney newspaper a communication from F. C. Kerry, a member of the "Age" New Guinea exploring expedition, in which accusations of murder and ill-treatment of the natives were made against Messrs F. P. Walker and C. J. Stewart, two other members of that expedition. Messrs Walker and Stewart have now commenced actions for libel against the "Daily Telegraph."
